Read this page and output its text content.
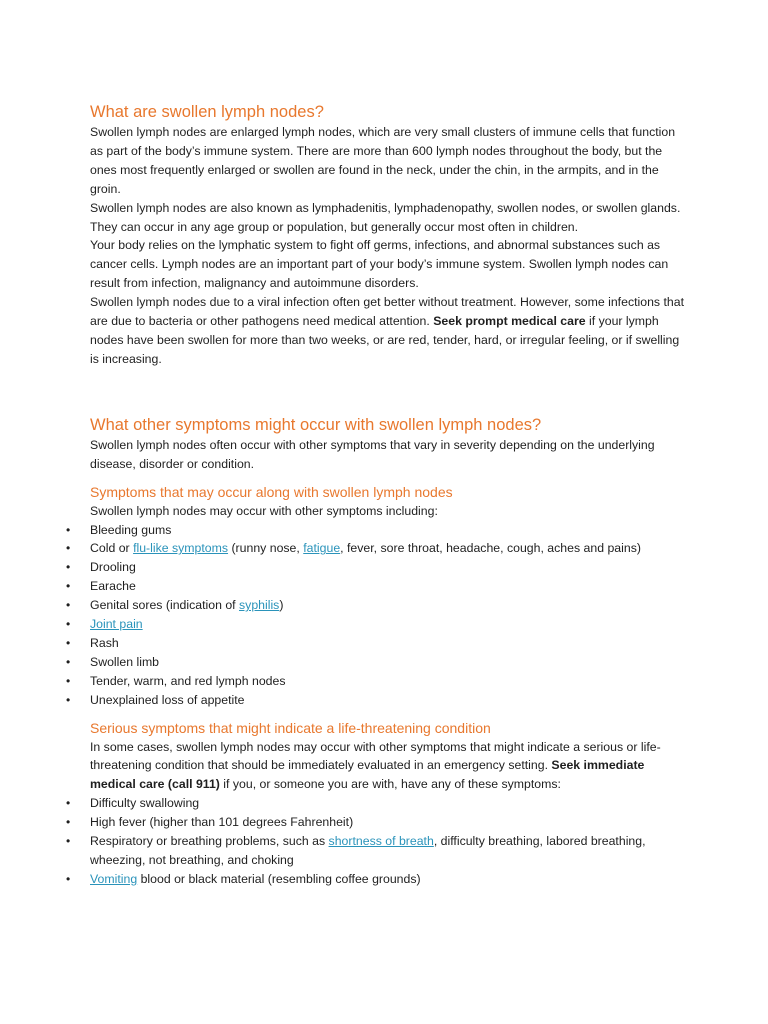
What are swollen lymph nodes?

Swollen lymph nodes are enlarged lymph nodes, which are very small clusters of immune cells that function as part of the body’s immune system. There are more than 600 lymph nodes throughout the body, but the ones most frequently enlarged or swollen are found in the neck, under the chin, in the armpits, and in the groin.

Swollen lymph nodes are also known as lymphadenitis, lymphadenopathy, swollen nodes, or swollen glands. They can occur in any age group or population, but generally occur most often in children.

Your body relies on the lymphatic system to fight off germs, infections, and abnormal substances such as cancer cells. Lymph nodes are an important part of your body’s immune system. Swollen lymph nodes can result from infection, malignancy and autoimmune disorders.

Swollen lymph nodes due to a viral infection often get better without treatment. However, some infections that are due to bacteria or other pathogens need medical attention. Seek prompt medical care if your lymph nodes have been swollen for more than two weeks, or are red, tender, hard, or irregular feeling, or if swelling is increasing.

What other symptoms might occur with swollen lymph nodes?

Swollen lymph nodes often occur with other symptoms that vary in severity depending on the underlying disease, disorder or condition.

Symptoms that may occur along with swollen lymph nodes

Swollen lymph nodes may occur with other symptoms including:

• Bleeding gums
• Cold or flu-like symptoms (runny nose, fatigue, fever, sore throat, headache, cough, aches and pains)
• Drooling
• Earache
• Genital sores (indication of syphilis)
• Joint pain
• Rash
• Swollen limb
• Tender, warm, and red lymph nodes
• Unexplained loss of appetite
Serious symptoms that might indicate a life-threatening condition

In some cases, swollen lymph nodes may occur with other symptoms that might indicate a serious or life-threatening condition that should be immediately evaluated in an emergency setting. Seek immediate medical care (call 911) if you, or someone you are with, have any of these symptoms:

• Difficulty swallowing
• High fever (higher than 101 degrees Fahrenheit)
• Respiratory or breathing problems, such as shortness of breath, difficulty breathing, labored breathing, wheezing, not breathing, and choking
• Vomiting blood or black material (resembling coffee grounds)
